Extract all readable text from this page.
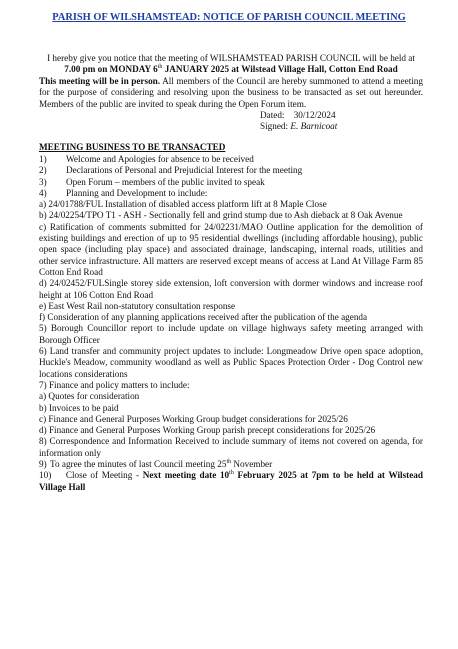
PARISH OF WILSHAMSTEAD: NOTICE OF PARISH COUNCIL MEETING
I hereby give you notice that the meeting of WILSHAMSTEAD PARISH COUNCIL will be held at 7.00 pm on MONDAY 6th JANUARY 2025 at Wilstead Village Hall, Cotton End Road
This meeting will be in person. All members of the Council are hereby summoned to attend a meeting for the purpose of considering and resolving upon the business to be transacted as set out hereunder. Members of the public are invited to speak during the Open Forum item.
Dated: 30/12/2024
Signed: E. Barnicoat
MEETING BUSINESS TO BE TRANSACTED
1)	Welcome and Apologies for absence to be received
2)	Declarations of Personal and Prejudicial Interest for the meeting
3)	Open Forum – members of the public invited to speak
4)	Planning and Development to include:
a) 24/01788/FUL Installation of disabled access platform lift at 8 Maple Close
b) 24/02254/TPO T1 - ASH - Sectionally fell and grind stump due to Ash dieback at 8 Oak Avenue
c) Ratification of comments submitted for 24/02231/MAO Outline application for the demolition of existing buildings and erection of up to 95 residential dwellings (including affordable housing), public open space (including play space) and associated drainage, landscaping, internal roads, utilities and other service infrastructure. All matters are reserved except means of access at Land At Village Farm 85 Cotton End Road
d) 24/02452/FULSingle storey side extension, loft conversion with dormer windows and increase roof height at 106 Cotton End Road
e) East West Rail non-statutory consultation response
f) Consideration of any planning applications received after the publication of the agenda
5) Borough Councillor report to include update on village highways safety meeting arranged with Borough Officer
6) Land transfer and community project updates to include: Longmeadow Drive open space adoption, Huckle's Meadow, community woodland as well as Public Spaces Protection Order - Dog Control new locations considerations
7) Finance and policy matters to include:
a) Quotes for consideration
b) Invoices to be paid
c) Finance and General Purposes Working Group budget considerations for 2025/26
d) Finance and General Purposes Working Group parish precept considerations for 2025/26
8) Correspondence and Information Received to include summary of items not covered on agenda, for information only
9) To agree the minutes of last Council meeting 25th November
10) Close of Meeting - Next meeting date 10th February 2025 at 7pm to be held at Wilstead Village Hall
